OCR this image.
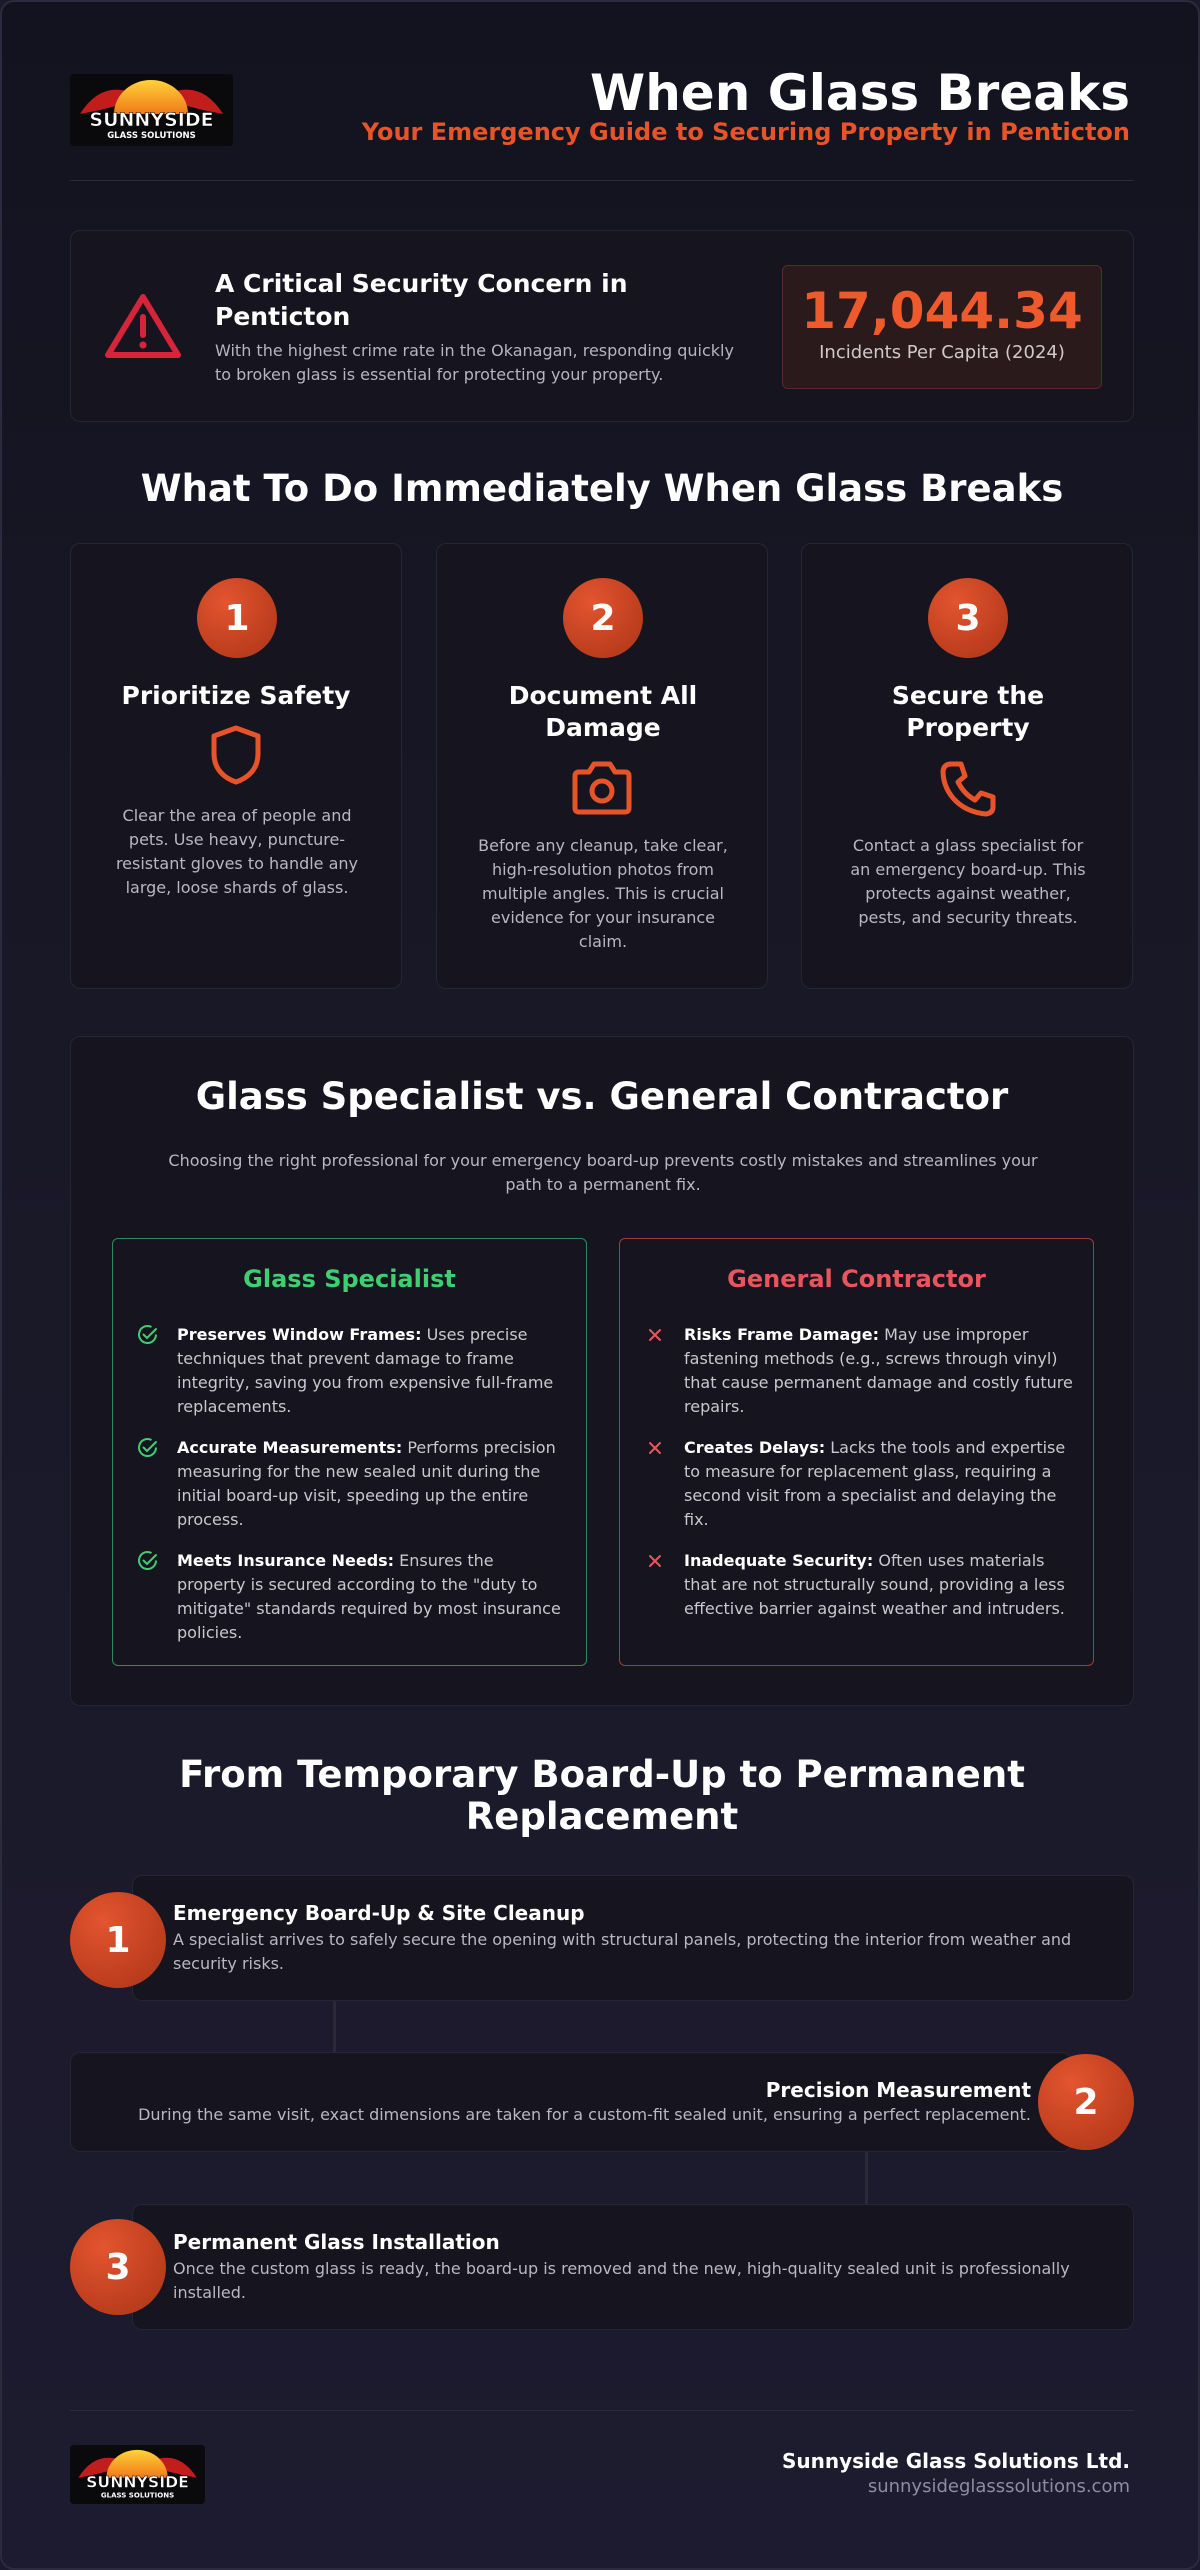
SUNNYSIDE
GLASS SOLUTIONS
When Glass Breaks
Your Emergency Guide to Securing Property in Penticton
A Critical Security Concern in Penticton
With the highest crime rate in the Okanagan, responding quickly to broken glass is essential for protecting your property.
17,044.34
Incidents Per Capita (2024)
What To Do Immediately When Glass Breaks
1
Prioritize Safety
Clear the area of people and pets. Use heavy, puncture-resistant gloves to handle any large, loose shards of glass.
2
Document All Damage
Before any cleanup, take clear, high-resolution photos from multiple angles. This is crucial evidence for your insurance claim.
3
Secure the Property
Contact a glass specialist for an emergency board-up. This protects against weather, pests, and security threats.
Glass Specialist vs. General Contractor
Choosing the right professional for your emergency board-up prevents costly mistakes and streamlines your path to a permanent fix.
Glass Specialist
Preserves Window Frames: Uses precise techniques that prevent damage to frame integrity, saving you from expensive full-frame replacements.
Accurate Measurements: Performs precision measuring for the new sealed unit during the initial board-up visit, speeding up the entire process.
Meets Insurance Needs: Ensures the property is secured according to the "duty to mitigate" standards required by most insurance policies.
General Contractor
Risks Frame Damage: May use improper fastening methods (e.g., screws through vinyl) that cause permanent damage and costly future repairs.
Creates Delays: Lacks the tools and expertise to measure for replacement glass, requiring a second visit from a specialist and delaying the fix.
Inadequate Security: Often uses materials that are not structurally sound, providing a less effective barrier against weather and intruders.
From Temporary Board-Up to Permanent Replacement
Emergency Board-Up & Site Cleanup
A specialist arrives to safely secure the opening with structural panels, protecting the interior from weather and security risks.
1
Precision Measurement
During the same visit, exact dimensions are taken for a custom-fit sealed unit, ensuring a perfect replacement.	2
Permanent Glass Installation
Once the custom glass is ready, the board-up is removed and the new, high-quality sealed unit is professionally installed.
3
SUNNYSIDE
GLASS SOLUTIONS
Sunnyside Glass Solutions Ltd.
sunnysideglasssolutions.com
